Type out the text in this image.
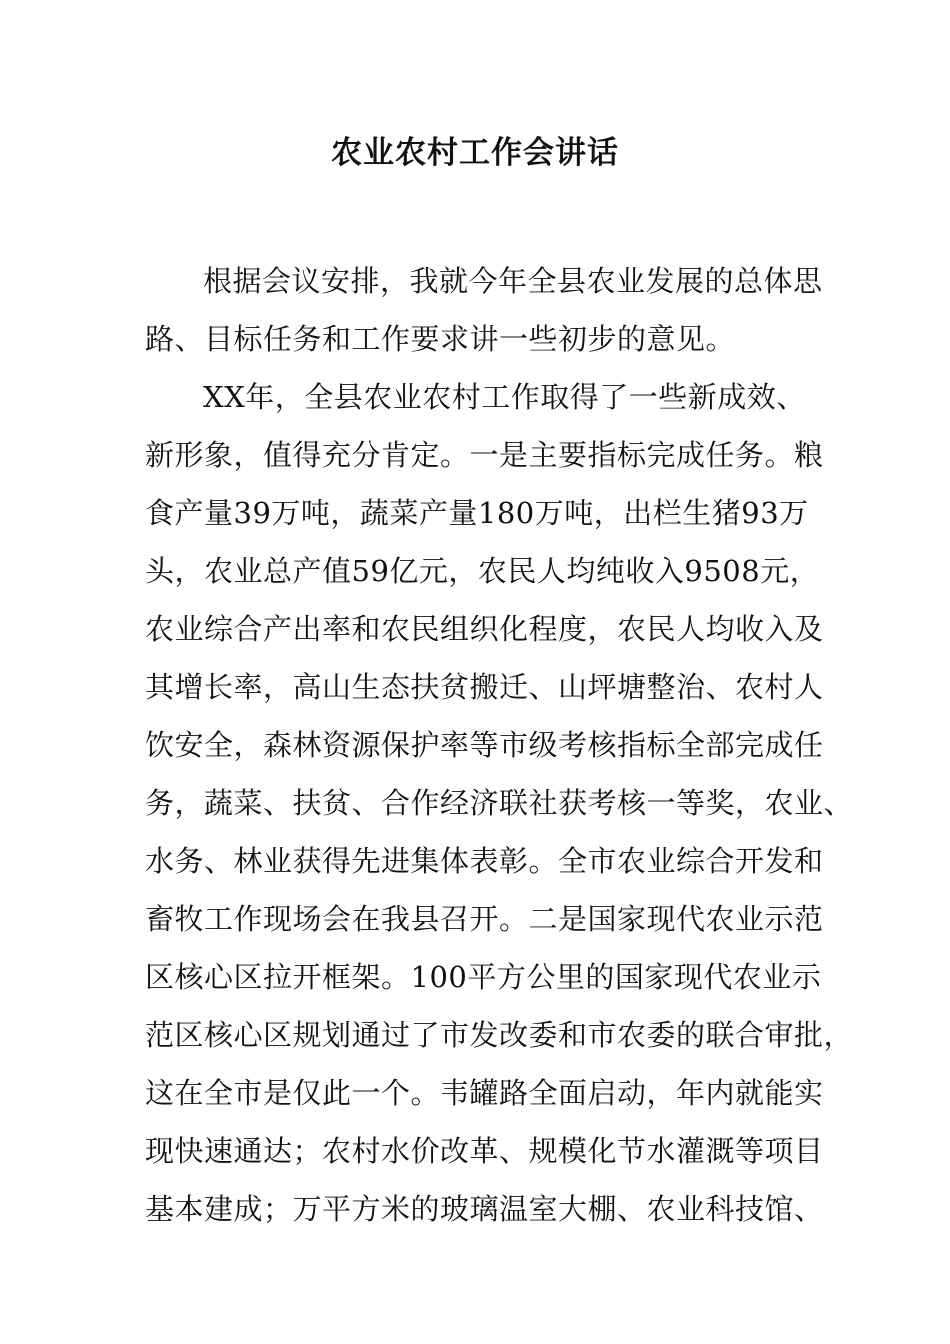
农业农村工作会讲话
根据会议安排，我就今年全县农业发展的总体思
路、目标任务和工作要求讲一些初步的意见。
XX年，全县农业农村工作取得了一些新成效、
新形象，值得充分肯定。一是主要指标完成任务。粮
食产量39万吨，蔬菜产量180万吨，出栏生猪93万
头，农业总产值59亿元，农民人均纯收入9508元，
农业综合产出率和农民组织化程度，农民人均收入及
其增长率，高山生态扶贫搬迁、山坪塘整治、农村人
饮安全，森林资源保护率等市级考核指标全部完成任
务，蔬菜、扶贫、合作经济联社获考核一等奖，农业、
水务、林业获得先进集体表彰。全市农业综合开发和
畜牧工作现场会在我县召开。二是国家现代农业示范
区核心区拉开框架。100平方公里的国家现代农业示
范区核心区规划通过了市发改委和市农委的联合审批，
这在全市是仅此一个。韦罐路全面启动，年内就能实
现快速通达；农村水价改革、规模化节水灌溉等项目
基本建成；万平方米的玻璃温室大棚、农业科技馆、
